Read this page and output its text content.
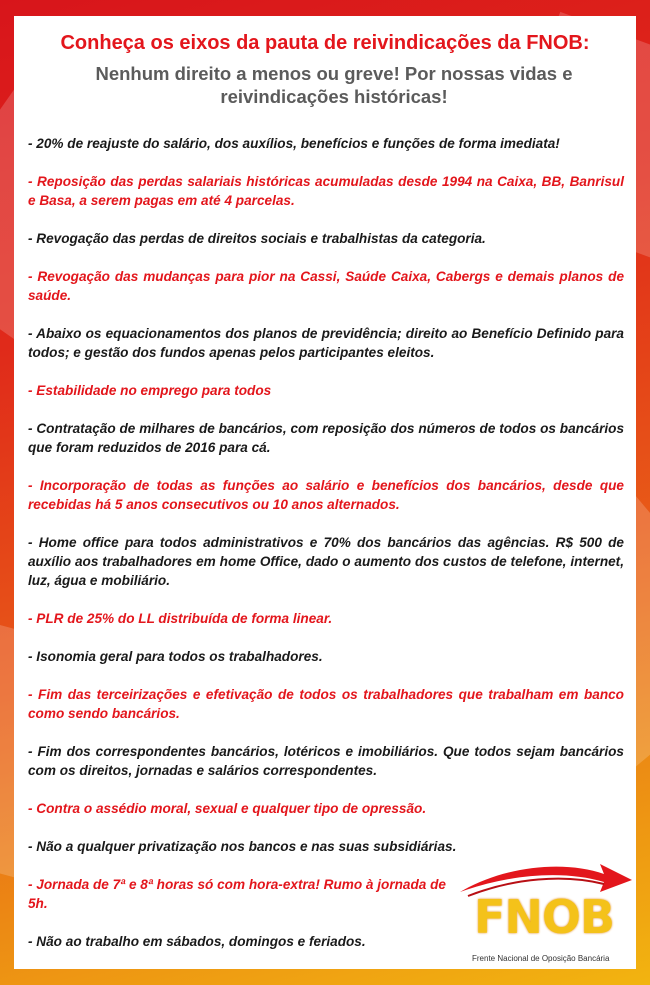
Conheça os eixos da pauta de reivindicações da FNOB:
Nenhum direito a menos ou greve! Por nossas vidas e reivindicações históricas!

- 20% de reajuste do salário, dos auxílios, benefícios e funções de forma imediata!

- Reposição das perdas salariais históricas acumuladas desde 1994 na Caixa, BB, Banrisul e Basa, a serem pagas em até 4 parcelas.

- Revogação das perdas de direitos sociais e trabalhistas da categoria.

- Revogação das mudanças para pior na Cassi, Saúde Caixa, Cabergs e demais planos de saúde.

- Abaixo os equacionamentos dos planos de previdência; direito ao Benefício Definido para todos; e gestão dos fundos apenas pelos participantes eleitos.

- Estabilidade no emprego para todos

- Contratação de milhares de bancários, com reposição dos números de todos os bancários que foram reduzidos de 2016 para cá.

- Incorporação de todas as funções ao salário e benefícios dos bancários, desde que recebidas há 5 anos consecutivos ou 10 anos alternados.

- Home office para todos administrativos e 70% dos bancários das agências. R$ 500 de auxílio aos trabalhadores em home Office, dado o aumento dos custos de telefone, internet, luz, água e mobiliário.

- PLR de 25% do LL distribuída de forma linear.

- Isonomia geral para todos os trabalhadores.

- Fim das terceirizações e efetivação de todos os trabalhadores que trabalham em banco como sendo bancários.

- Fim dos correspondentes bancários, lotéricos e imobiliários. Que todos sejam bancários com os direitos, jornadas e salários correspondentes.

- Contra o assédio moral, sexual e qualquer tipo de opressão.

- Não a qualquer privatização nos bancos e nas suas subsidiárias.

- Jornada de 7ª e 8ª horas só com hora-extra! Rumo à jornada de 5h.

- Não ao trabalho em sábados, domingos e feriados.	FNOB
Frente Nacional de Oposição Bancária
